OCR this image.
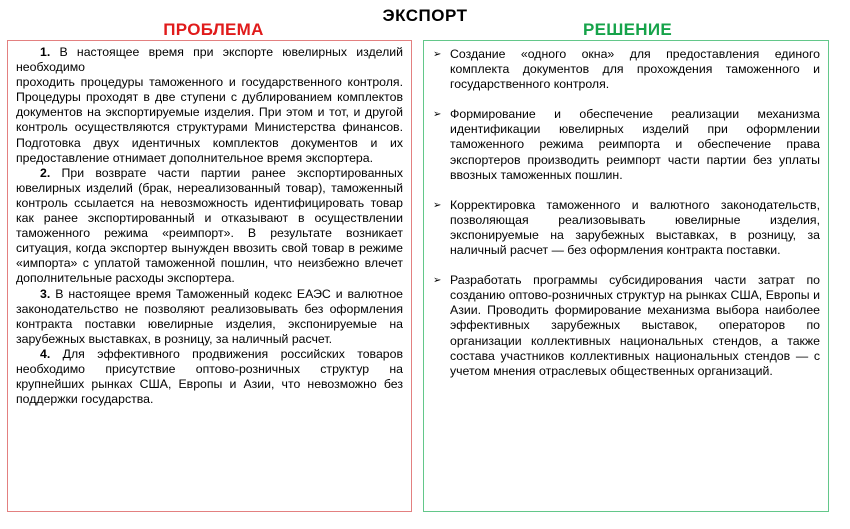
ЭКСПОРТ
ПРОБЛЕМА	РЕШЕНИЕ

1. В настоящее время при экспорте ювелирных изделий необходимо
проходить процедуры таможенного и государственного контроля. Процедуры проходят в две ступени с дублированием комплектов документов на экспортируемые изделия. При этом и тот, и другой контроль осуществляются структурами Министерства финансов. Подготовка двух идентичных комплектов документов и их предоставление отнимает дополнительное время экспортера.

2. При возврате части партии ранее экспортированных ювелирных изделий (брак, нереализованный товар), таможенный контроль ссылается на невозможность идентифицировать товар как ранее экспортированный и отказывают в осуществлении таможенного режима «реимпорт». В результате возникает ситуация, когда экспортер вынужден ввозить свой товар в режиме «импорта» с уплатой таможенной пошлин, что неизбежно влечет дополнительные расходы экспортера.

3. В настоящее время Таможенный кодекс ЕАЭС и валютное законодательство не позволяют реализовывать без оформления контракта поставки ювелирные изделия, экспонируемые на зарубежных выставках, в розницу, за наличный расчет.

4. Для эффективного продвижения российских товаров необходимо присутствие оптово-розничных структур на крупнейших рынках США, Европы и Азии, что невозможно без поддержки государства.

➢ Создание «одного окна» для предоставления единого комплекта документов для прохождения таможенного и государственного контроля.
➢ Формирование и обеспечение реализации механизма идентификации ювелирных изделий при оформлении таможенного режима реимпорта и обеспечение права экспортеров производить реимпорт части партии без уплаты ввозных таможенных пошлин.
➢ Корректировка таможенного и валютного законодательств, позволяющая реализовывать ювелирные изделия, экспонируемые на зарубежных выставках, в розницу, за наличный расчет — без оформления контракта поставки.
➢ Разработать программы субсидирования части затрат по созданию оптово-розничных структур на рынках США, Европы и Азии. Проводить формирование механизма выбора наиболее эффективных зарубежных выставок, операторов по организации коллективных национальных стендов, а также состава участников коллективных национальных стендов — с учетом мнения отраслевых общественных организаций.
